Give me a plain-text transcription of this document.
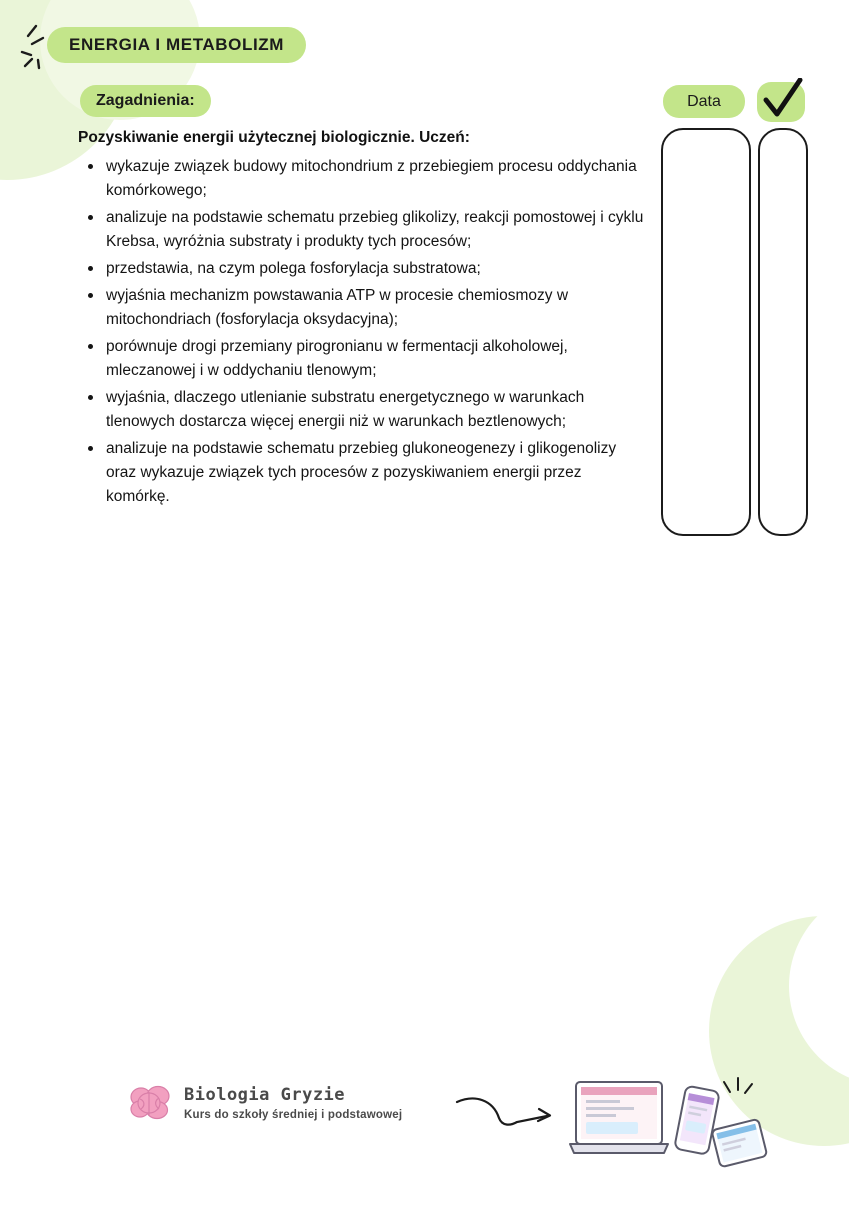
ENERGIA I METABOLIZM
Zagadnienia:	Data

Pozyskiwanie energii użytecznej biologicznie. Uczeń:

wykazuje związek budowy mitochondrium z przebiegiem procesu oddychania komórkowego;
analizuje na podstawie schematu przebieg glikolizy, reakcji pomostowej i cyklu Krebsa, wyróżnia substraty i produkty tych procesów;
przedstawia, na czym polega fosforylacja substratowa;
wyjaśnia mechanizm powstawania ATP w procesie chemiosmozy w mitochondriach (fosforylacja oksydacyjna);
porównuje drogi przemiany pirogronianu w fermentacji alkoholowej, mleczanowej i w oddychaniu tlenowym;
wyjaśnia, dlaczego utlenianie substratu energetycznego w warunkach tlenowych dostarcza więcej energii niż w warunkach beztlenowych;
analizuje na podstawie schematu przebieg glukoneogenezy i glikogenolizy oraz wykazuje związek tych procesów z pozyskiwaniem energii przez komórkę.
Biologia Gryzie
Kurs do szkoły średniej i podstawowej
